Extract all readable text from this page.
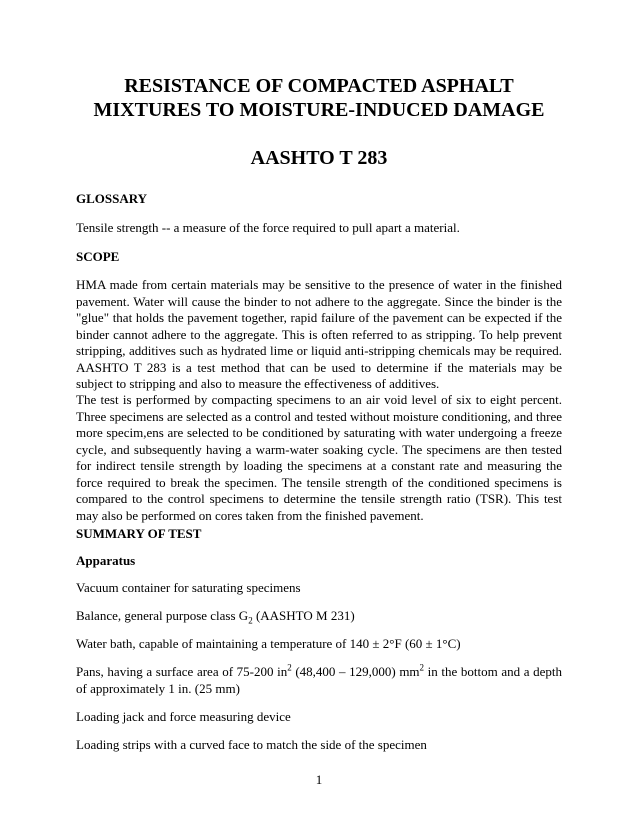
RESISTANCE OF COMPACTED ASPHALT

MIXTURES TO MOISTURE-INDUCED DAMAGE

AASHTO T 283

GLOSSARY

Tensile strength -- a measure of the force required to pull apart a material.

SCOPE

HMA made from certain materials may be sensitive to the presence of water in the finished pavement. Water will cause the binder to not adhere to the aggregate. Since the binder is the "glue" that holds the pavement together, rapid failure of the pavement can be expected if the binder cannot adhere to the aggregate. This is often referred to as stripping. To help prevent stripping, additives such as hydrated lime or liquid anti-stripping chemicals may be required. AASHTO T 283 is a test method that can be used to determine if the materials may be subject to stripping and also to measure the effectiveness of additives.

The test is performed by compacting specimens to an air void level of six to eight percent. Three specimens are selected as a control and tested without moisture conditioning, and three more specim,ens are selected to be conditioned by saturating with water undergoing a freeze cycle, and subsequently having a warm-water soaking cycle. The specimens are then tested for indirect tensile strength by loading the specimens at a constant rate and measuring the force required to break the specimen. The tensile strength of the conditioned specimens is compared to the control specimens to determine the tensile strength ratio (TSR). This test may also be performed on cores taken from the finished pavement.

SUMMARY OF TEST

Apparatus

Vacuum container for saturating specimens

Balance, general purpose class $G_2$ (AASHTO M 231)

Water bath, capable of maintaining a temperature of 140 ± 2°F (60 ± 1°C)

Pans, having a surface area of 75-200 $in^2$ (48,400 – 129,000) $mm^2$ in the bottom and a depth of approximately 1 in. (25 mm)

Loading jack and force measuring device

Loading strips with a curved face to match the side of the specimen

1
